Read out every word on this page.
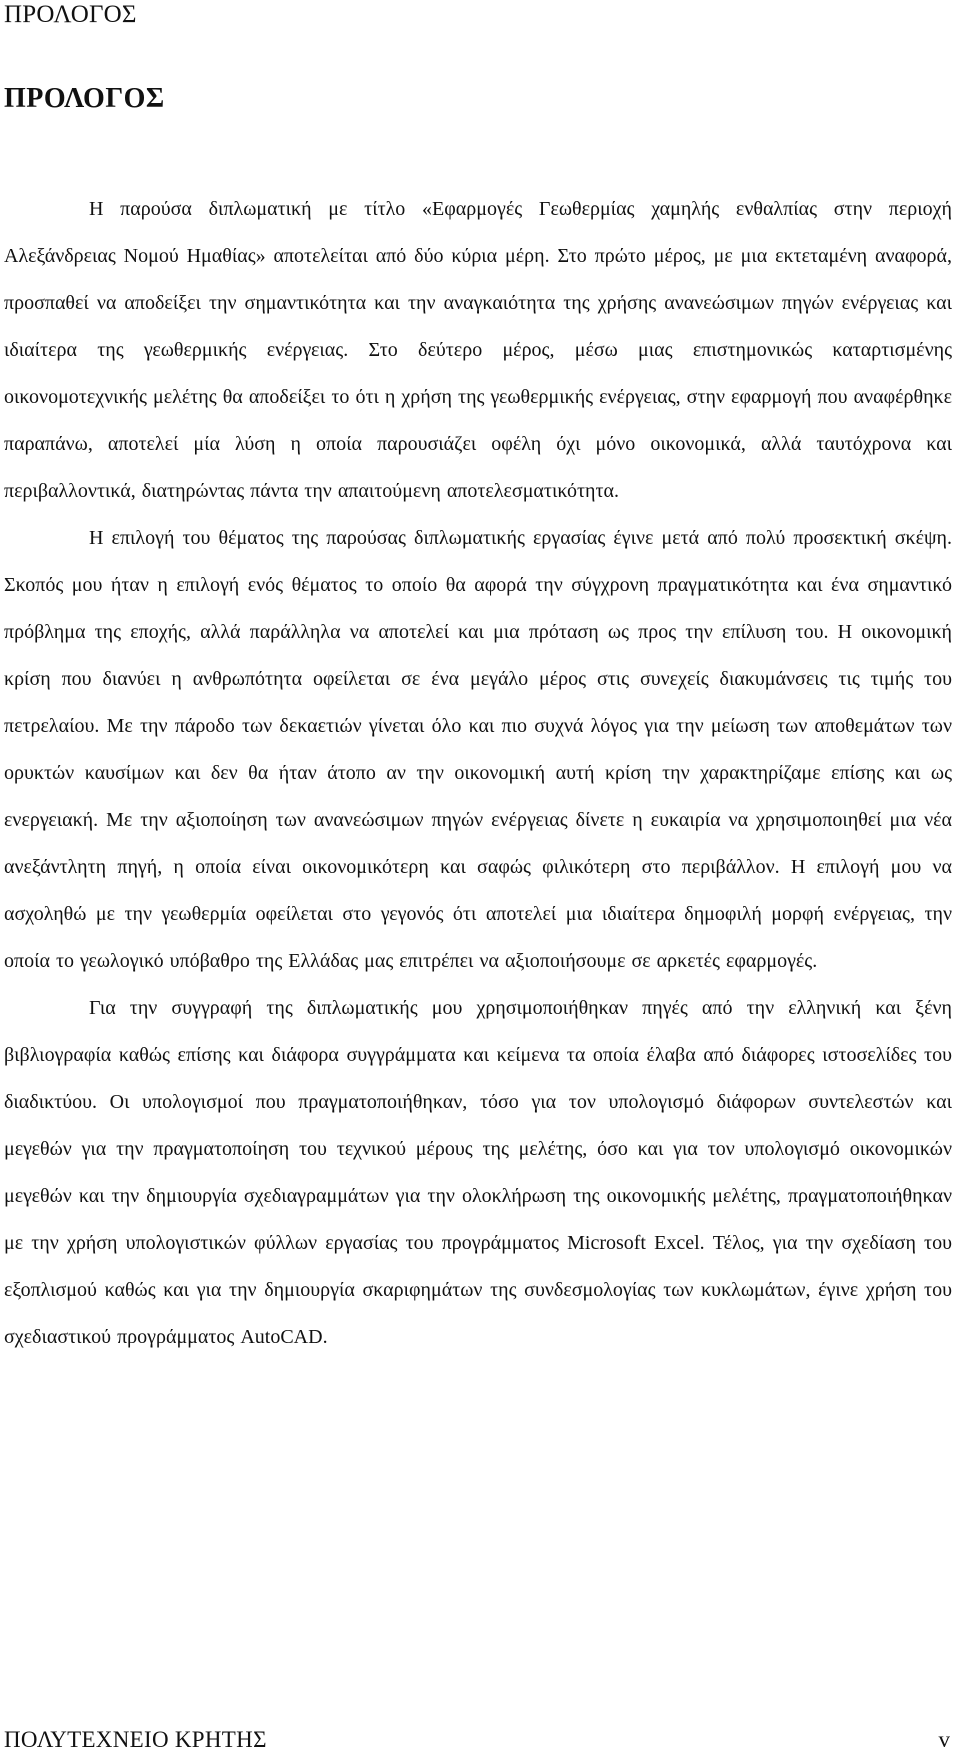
ΠΡΟΛΟΓΟΣ
ΠΡΟΛΟΓΟΣ

Η παρούσα διπλωματική με τίτλο «Εφαρμογές Γεωθερμίας χαμηλής ενθαλπίας στην περιοχή Αλεξάνδρειας Νομού Ημαθίας» αποτελείται από δύο κύρια μέρη. Στο πρώτο μέρος, με μια εκτεταμένη αναφορά, προσπαθεί να αποδείξει την σημαντικότητα και την αναγκαιότητα της χρήσης ανανεώσιμων πηγών ενέργειας και ιδιαίτερα της γεωθερμικής ενέργειας. Στο δεύτερο μέρος, μέσω μιας επιστημονικώς καταρτισμένης οικονομοτεχνικής μελέτης θα αποδείξει το ότι η χρήση της γεωθερμικής ενέργειας, στην εφαρμογή που αναφέρθηκε παραπάνω, αποτελεί μία λύση η οποία παρουσιάζει οφέλη όχι μόνο οικονομικά, αλλά ταυτόχρονα και περιβαλλοντικά, διατηρώντας πάντα την απαιτούμενη αποτελεσματικότητα.

Η επιλογή του θέματος της παρούσας διπλωματικής εργασίας έγινε μετά από πολύ προσεκτική σκέψη. Σκοπός μου ήταν η επιλογή ενός θέματος το οποίο θα αφορά την σύγχρονη πραγματικότητα και ένα σημαντικό πρόβλημα της εποχής, αλλά παράλληλα να αποτελεί και μια πρόταση ως προς την επίλυση του. Η οικονομική κρίση που διανύει η ανθρωπότητα οφείλεται σε ένα μεγάλο μέρος στις συνεχείς διακυμάνσεις τις τιμής του πετρελαίου. Με την πάροδο των δεκαετιών γίνεται όλο και πιο συχνά λόγος για την μείωση των αποθεμάτων των ορυκτών καυσίμων και δεν θα ήταν άτοπο αν την οικονομική αυτή κρίση την χαρακτηρίζαμε επίσης και ως ενεργειακή. Με την αξιοποίηση των ανανεώσιμων πηγών ενέργειας δίνετε η ευκαιρία να χρησιμοποιηθεί μια νέα ανεξάντλητη πηγή, η οποία είναι οικονομικότερη και σαφώς φιλικότερη στο περιβάλλον. Η επιλογή μου να ασχοληθώ με την γεωθερμία οφείλεται στο γεγονός ότι αποτελεί μια ιδιαίτερα δημοφιλή μορφή ενέργειας, την οποία το γεωλογικό υπόβαθρο της Ελλάδας μας επιτρέπει να αξιοποιήσουμε σε αρκετές εφαρμογές.

Για την συγγραφή της διπλωματικής μου χρησιμοποιήθηκαν πηγές από την ελληνική και ξένη βιβλιογραφία καθώς επίσης και διάφορα συγγράμματα και κείμενα τα οποία έλαβα από διάφορες ιστοσελίδες του διαδικτύου. Οι υπολογισμοί που πραγματοποιήθηκαν, τόσο για τον υπολογισμό διάφορων συντελεστών και μεγεθών για την πραγματοποίηση του τεχνικού μέρους της μελέτης, όσο και για τον υπολογισμό οικονομικών μεγεθών και την δημιουργία σχεδιαγραμμάτων για την ολοκλήρωση της οικονομικής μελέτης, πραγματοποιήθηκαν με την χρήση υπολογιστικών φύλλων εργασίας του προγράμματος Microsoft Excel. Τέλος, για την σχεδίαση του εξοπλισμού καθώς και για την δημιουργία σκαριφημάτων της συνδεσμολογίας των κυκλωμάτων, έγινε χρήση του σχεδιαστικού προγράμματος AutoCAD.

ΠΟΛΥΤΕΧΝΕΙΟ ΚΡΗΤΗΣ	v
